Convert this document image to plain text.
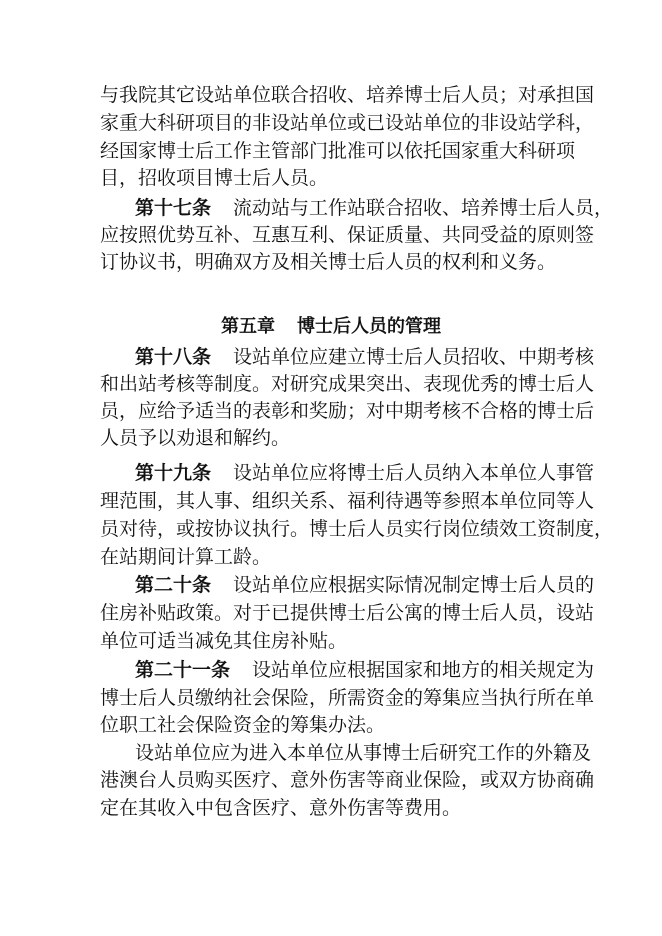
与我院其它设站单位联合招收、培养博士后人员；对承担国
家重大科研项目的非设站单位或已设站单位的非设站学科，
经国家博士后工作主管部门批准可以依托国家重大科研项
目，招收项目博士后人员。
第十七条 流动站与工作站联合招收、培养博士后人员，
应按照优势互补、互惠互利、保证质量、共同受益的原则签
订协议书，明确双方及相关博士后人员的权利和义务。
第五章 博士后人员的管理
第十八条 设站单位应建立博士后人员招收、中期考核
和出站考核等制度。对研究成果突出、表现优秀的博士后人
员，应给予适当的表彰和奖励；对中期考核不合格的博士后
人员予以劝退和解约。
第十九条 设站单位应将博士后人员纳入本单位人事管
理范围，其人事、组织关系、福利待遇等参照本单位同等人
员对待，或按协议执行。博士后人员实行岗位绩效工资制度，
在站期间计算工龄。
第二十条 设站单位应根据实际情况制定博士后人员的
住房补贴政策。对于已提供博士后公寓的博士后人员，设站
单位可适当减免其住房补贴。
第二十一条 设站单位应根据国家和地方的相关规定为
博士后人员缴纳社会保险，所需资金的筹集应当执行所在单
位职工社会保险资金的筹集办法。
设站单位应为进入本单位从事博士后研究工作的外籍及
港澳台人员购买医疗、意外伤害等商业保险，或双方协商确
定在其收入中包含医疗、意外伤害等费用。
